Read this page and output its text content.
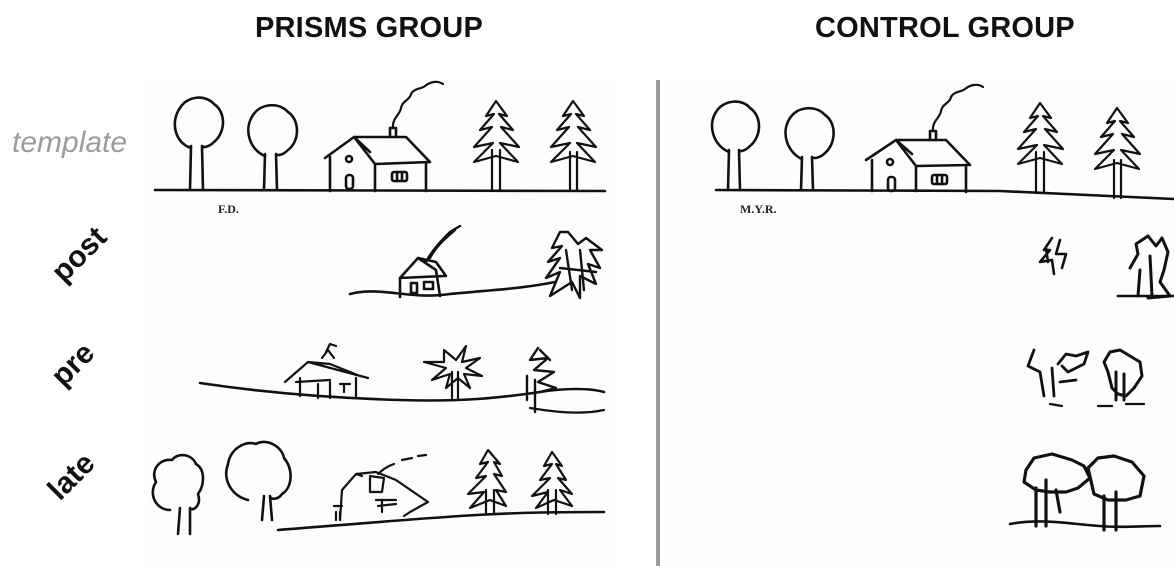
PRISMS GROUP	CONTROL GROUP
template
post
pre
late
F.D.	M.Y.R.
